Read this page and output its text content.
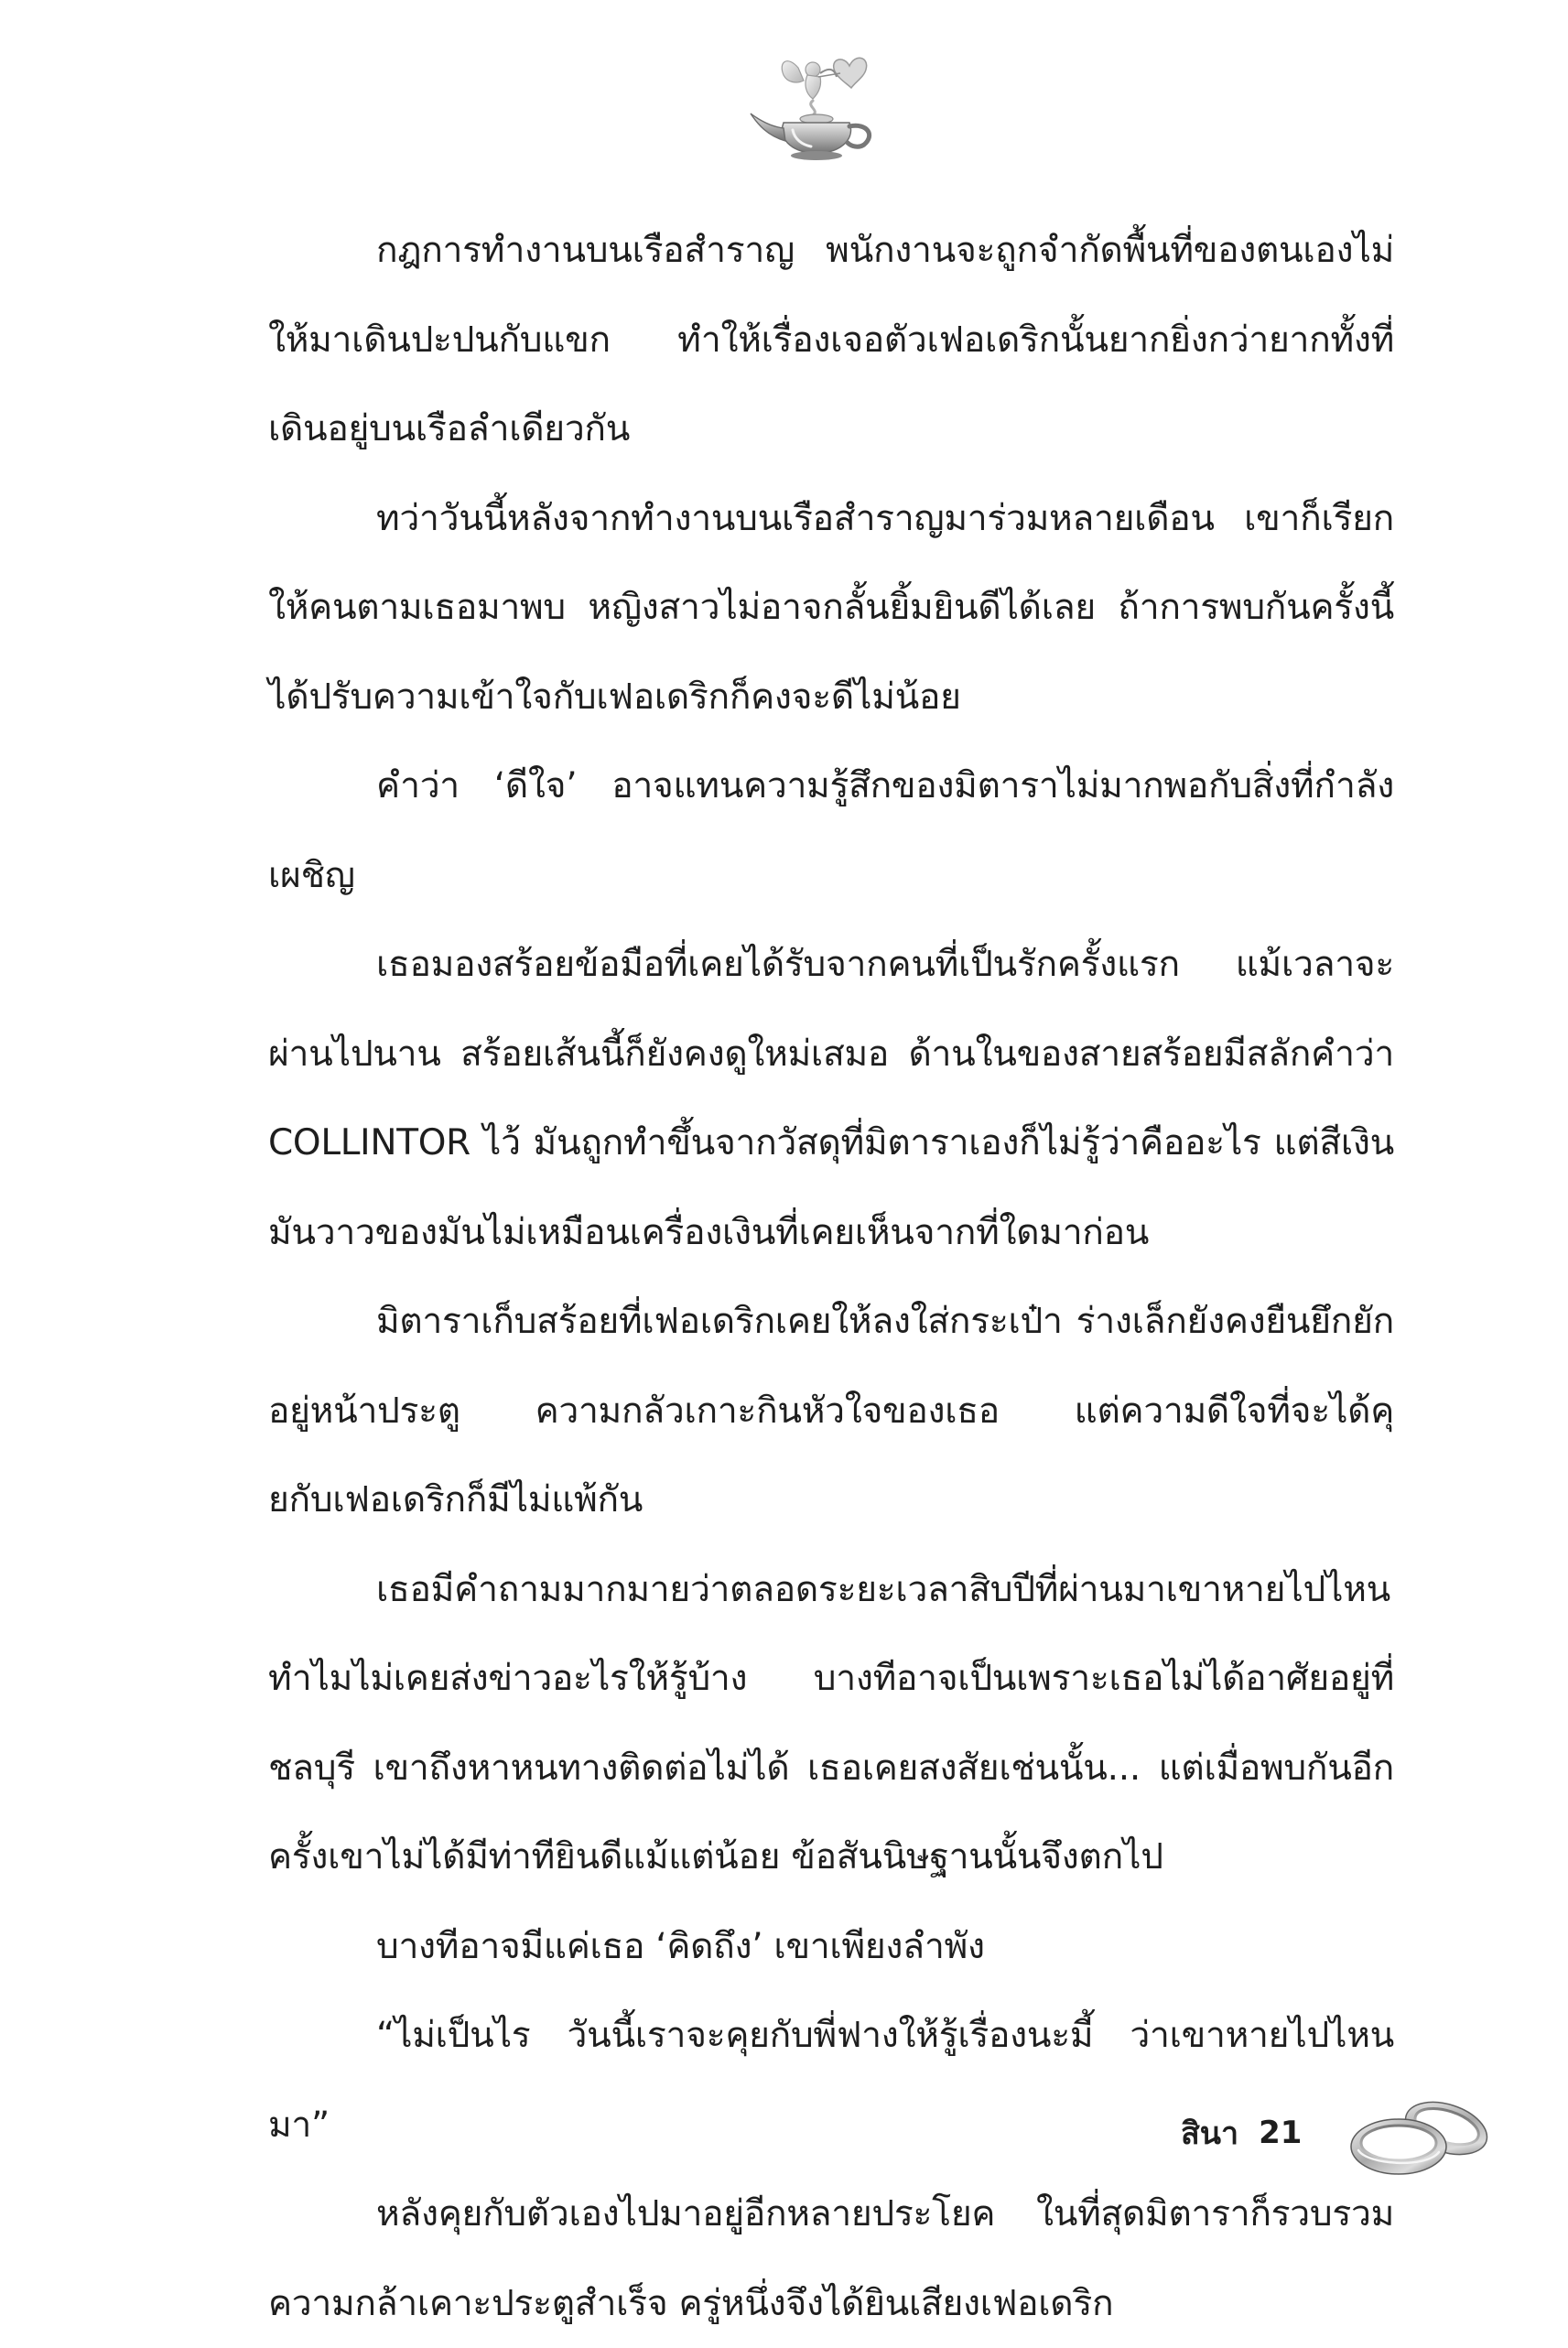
กฎการทำงานบนเรือสำราญ พนักงานจะถูกจำกัดพื้นที่ของตนเองไม่ให้มาเดินปะปนกับแขก ทำให้เรื่องเจอตัวเฟอเดริกนั้นยากยิ่งกว่ายากทั้งที่เดินอยู่บนเรือลำเดียวกัน

ทว่าวันนี้หลังจากทำงานบนเรือสำราญมาร่วมหลายเดือน เขาก็เรียกให้คนตามเธอมาพบ หญิงสาวไม่อาจกลั้นยิ้มยินดีได้เลย ถ้าการพบกันครั้งนี้ได้ปรับความเข้าใจกับเฟอเดริกก็คงจะดีไม่น้อย

คำว่า ‘ดีใจ’ อาจแทนความรู้สึกของมิตาราไม่มากพอกับสิ่งที่กำลังเผชิญ

เธอมองสร้อยข้อมือที่เคยได้รับจากคนที่เป็นรักครั้งแรก แม้เวลาจะผ่านไปนาน สร้อยเส้นนี้ก็ยังคงดูใหม่เสมอ ด้านในของสายสร้อยมีสลักคำว่า COLLINTOR ไว้ มันถูกทำขึ้นจากวัสดุที่มิตาราเองก็ไม่รู้ว่าคืออะไร แต่สีเงินมันวาวของมันไม่เหมือนเครื่องเงินที่เคยเห็นจากที่ใดมาก่อน

มิตาราเก็บสร้อยที่เฟอเดริกเคยให้ลงใส่กระเป๋า ร่างเล็กยังคงยืนยึกยักอยู่หน้าประตู ความกลัวเกาะกินหัวใจของเธอ แต่ความดีใจที่จะได้คุยกับเฟอเดริกก็มีไม่แพ้กัน

เธอมีคำถามมากมายว่าตลอดระยะเวลาสิบปีที่ผ่านมาเขาหายไปไหน ทำไมไม่เคยส่งข่าวอะไรให้รู้บ้าง บางทีอาจเป็นเพราะเธอไม่ได้อาศัยอยู่ที่ชลบุรี เขาถึงหาหนทางติดต่อไม่ได้ เธอเคยสงสัยเช่นนั้น... แต่เมื่อพบกันอีกครั้งเขาไม่ได้มีท่าทียินดีแม้แต่น้อย ข้อสันนิษฐานนั้นจึงตกไป

บางทีอาจมีแค่เธอ ‘คิดถึง’ เขาเพียงลำพัง

“ไม่เป็นไร วันนี้เราจะคุยกับพี่ฟางให้รู้เรื่องนะมี้ ว่าเขาหายไปไหนมา”

หลังคุยกับตัวเองไปมาอยู่อีกหลายประโยค ในที่สุดมิตาราก็รวบรวมความกล้าเคาะประตูสำเร็จ ครู่หนึ่งจึงได้ยินเสียงเฟอเดริก

สินา 21
